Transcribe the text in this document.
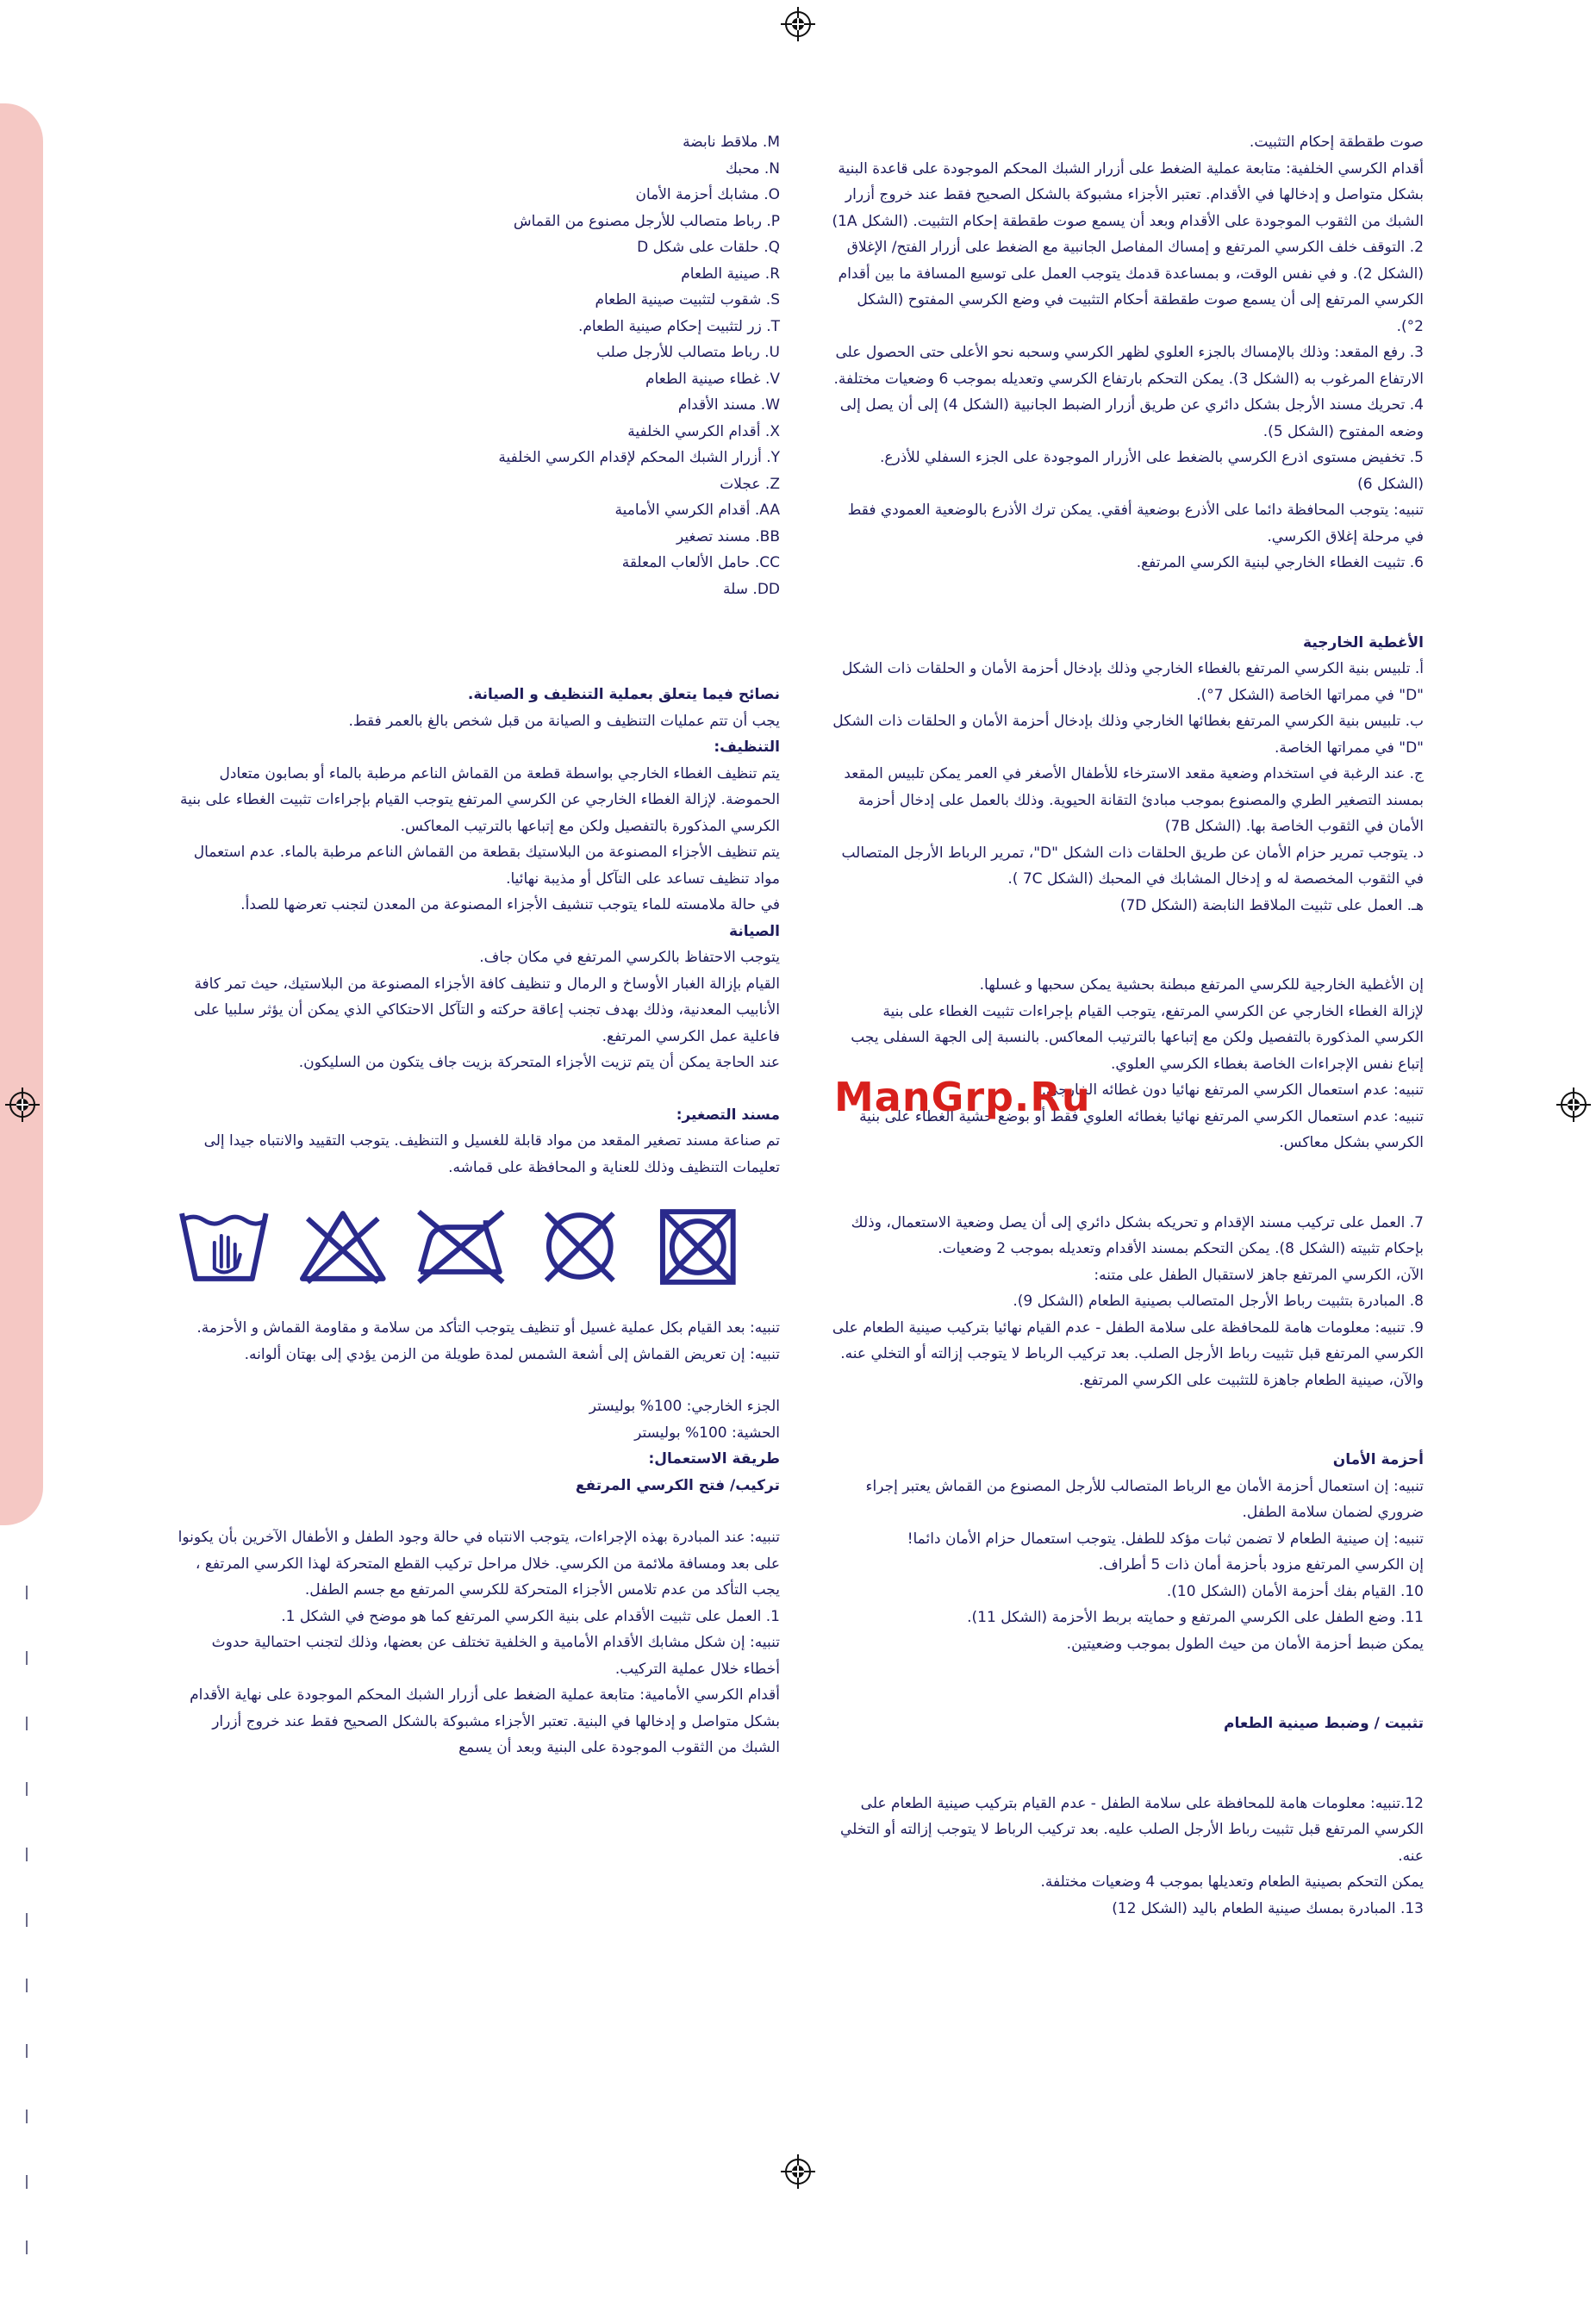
صوت طقطقة إحكام التثبيت.

أقدام الكرسي الخلفية: متابعة عملية الضغط على أزرار الشبك المحكم الموجودة على قاعدة البنية بشكل متواصل و إدخالها في الأقدام. تعتبر الأجزاء مشبوكة بالشكل الصحيح فقط عند خروج أزرار الشبك من الثقوب الموجودة على الأقدام وبعد أن يسمع صوت طقطقة إحكام التثبيت. (الشكل 1A)

2. التوقف خلف الكرسي المرتفع و إمساك المفاصل الجانبية مع الضغط على أزرار الفتح/ الإغلاق (الشكل 2). و في نفس الوقت، و بمساعدة قدمك يتوجب العمل على توسيع المسافة ما بين أقدام الكرسي المرتفع إلى أن يسمع صوت طقطقة أحكام التثبيت في وضع الكرسي المفتوح (الشكل 2°).

3. رفع المقعد: وذلك بالإمساك بالجزء العلوي لظهر الكرسي وسحبه نحو الأعلى حتى الحصول على الارتفاع المرغوب به (الشكل 3). يمكن التحكم بارتفاع الكرسي وتعديله بموجب 6 وضعيات مختلفة.

4. تحريك مسند الأرجل بشكل دائري عن طريق أزرار الضبط الجانبية (الشكل 4) إلى أن يصل إلى وضعه المفتوح (الشكل 5).

5. تخفيض مستوى اذرع الكرسي بالضغط على الأزرار الموجودة على الجزء السفلي للأذرع. (الشكل 6)

تنبيه: يتوجب المحافظة دائما على الأذرع بوضعية أفقي. يمكن ترك الأذرع بالوضعية العمودي فقط في مرحلة إغلاق الكرسي.

6. تثبيت الغطاء الخارجي لبنية الكرسي المرتفع.

الأغطية الخارجية

أ. تلبيس بنية الكرسي المرتفع بالغطاء الخارجي وذلك بإدخال أحزمة الأمان و الحلقات ذات الشكل "D" في ممراتها الخاصة (الشكل 7°).

ب. تلبيس بنية الكرسي المرتفع بغطائها الخارجي وذلك بإدخال أحزمة الأمان و الحلقات ذات الشكل "D" في ممراتها الخاصة.

ج. عند الرغبة في استخدام وضعية مقعد الاسترخاء للأطفال الأصغر في العمر يمكن تلبيس المقعد بمسند التصغير الطري والمصنوع بموجب مبادئ التقانة الحيوية. وذلك بالعمل على إدخال أحزمة الأمان في الثقوب الخاصة بها. (الشكل 7B)

د. يتوجب تمرير حزام الأمان عن طريق الحلقات ذات الشكل "D"، تمرير الرباط الأرجل المتصالب في الثقوب المخصصة له و إدخال المشابك في المحبك (الشكل 7C ).

هـ. العمل على تثبيت الملاقط النابضة (الشكل 7D)

إن الأغطية الخارجية للكرسي المرتفع مبطنة بحشية يمكن سحبها و غسلها.

لإزالة الغطاء الخارجي عن الكرسي المرتفع، يتوجب القيام بإجراءات تثبيت الغطاء على بنية الكرسي المذكورة بالتفصيل ولكن مع إتباعها بالترتيب المعاكس. بالنسبة إلى الجهة السفلى يجب إتباع نفس الإجراءات الخاصة بغطاء الكرسي العلوي.

تنبيه: عدم استعمال الكرسي المرتفع نهائيا دون غطائه الخارجي.

تنبيه: عدم استعمال الكرسي المرتفع نهائيا بغطائه العلوي فقط أو بوضع حشية الغطاء على بنية الكرسي بشكل معاكس.

7. العمل على تركيب مسند الإقدام و تحريكه بشكل دائري إلى أن يصل وضعية الاستعمال، وذلك بإحكام تثبيته (الشكل 8). يمكن التحكم بمسند الأقدام وتعديله بموجب 2 وضعيات.

الآن، الكرسي المرتفع جاهز لاستقبال الطفل على متنه:

8. المبادرة بتثبيت رباط الأرجل المتصالب بصينية الطعام (الشكل 9).

9. تنبيه: معلومات هامة للمحافظة على سلامة الطفل - عدم القيام نهائيا بتركيب صينية الطعام على الكرسي المرتفع قبل تثبيت رباط الأرجل الصلب. بعد تركيب الرباط لا يتوجب إزالته أو التخلي عنه.

والآن، صينية الطعام جاهزة للتثبيت على الكرسي المرتفع.

أحزمة الأمان

تنبيه: إن استعمال أحزمة الأمان مع الرباط المتصالب للأرجل المصنوع من القماش يعتبر إجراء ضروري لضمان سلامة الطفل.

تنبيه: إن صينية الطعام لا تضمن ثبات مؤكد للطفل. يتوجب استعمال حزام الأمان دائما!

إن الكرسي المرتفع مزود بأحزمة أمان ذات 5 أطراف.

10. القيام بفك أحزمة الأمان (الشكل 10).

11. وضع الطفل على الكرسي المرتفع و حمايته بربط الأحزمة (الشكل 11).

يمكن ضبط أحزمة الأمان من حيث الطول بموجب وضعيتين.

تثبيت / وضبط صينية الطعام

12.تنبيه: معلومات هامة للمحافظة على سلامة الطفل - عدم القيام بتركيب صينية الطعام على الكرسي المرتفع قبل تثبيت رباط الأرجل الصلب عليه. بعد تركيب الرباط لا يتوجب إزالته أو التخلي عنه.

يمكن التحكم بصينية الطعام وتعديلها بموجب 4 وضعيات مختلفة.

13. المبادرة بمسك صينية الطعام باليد (الشكل 12)

M. ملاقط نابضة
N. محبك
O. مشابك أحزمة الأمان
P. رباط متصالب للأرجل مصنوع من القماش
Q. حلقات على شكل D
R. صينية الطعام
S. شقوب لتثبيت صينية الطعام
T. زر لتثبيت إحكام صينية الطعام.
U. رباط متصالب للأرجل صلب
V. غطاء صينية الطعام
W. مسند الأقدام
X. أقدام الكرسي الخلفية
Y. أزرار الشبك المحكم لإقدام الكرسي الخلفية
Z. عجلات
AA. أقدام الكرسي الأمامية
BB. مسند تصغير
CC. حامل الألعاب المعلقة
DD. سلة

نصائح فيما يتعلق بعملية التنظيف و الصيانة.

يجب أن تتم عمليات التنظيف و الصيانة من قبل شخص بالغ بالعمر فقط.

التنظيف:

يتم تنظيف الغطاء الخارجي بواسطة قطعة من القماش الناعم مرطبة بالماء أو بصابون متعادل الحموضة. لإزالة الغطاء الخارجي عن الكرسي المرتفع يتوجب القيام بإجراءات تثبيت الغطاء على بنية الكرسي المذكورة بالتفصيل ولكن مع إتباعها بالترتيب المعاكس.

يتم تنظيف الأجزاء المصنوعة من البلاستيك بقطعة من القماش الناعم مرطبة بالماء. عدم استعمال مواد تنظيف تساعد على التآكل أو مذيبة نهائيا.

في حالة ملامسته للماء يتوجب تنشيف الأجزاء المصنوعة من المعدن لتجنب تعرضها للصدأ.

الصيانة

يتوجب الاحتفاظ بالكرسي المرتفع في مكان جاف.

القيام بإزالة الغبار الأوساخ و الرمال و تنظيف كافة الأجزاء المصنوعة من البلاستيك، حيث تمر كافة الأنابيب المعدنية، وذلك بهدف تجنب إعاقة حركته و التآكل الاحتكاكي الذي يمكن أن يؤثر سلبيا على فاعلية عمل الكرسي المرتفع.

عند الحاجة يمكن أن يتم تزيت الأجزاء المتحركة بزيت جاف يتكون من السليكون.

مسند التصغير:

تم صناعة مسند تصغير المقعد من مواد قابلة للغسيل و التنظيف. يتوجب التقييد والانتباه جيدا إلى تعليمات التنظيف وذلك للعناية و المحافظة على قماشه.

تنبيه: بعد القيام بكل عملية غسيل أو تنظيف يتوجب التأكد من سلامة و مقاومة القماش و الأحزمة.

تنبيه: إن تعريض القماش إلى أشعة الشمس لمدة طويلة من الزمن يؤدي إلى بهتان ألوانه.

الجزء الخارجي: 100% بوليستر

الحشية: 100% بوليستر

طريقة الاستعمال:

تركيب/ فتح الكرسي المرتفع

تنبيه: عند المبادرة بهذه الإجراءات، يتوجب الانتباه في حالة وجود الطفل و الأطفال الآخرين بأن يكونوا على بعد ومسافة ملائمة من الكرسي. خلال مراحل تركيب القطع المتحركة لهذا الكرسي المرتفع ، يجب التأكد من عدم تلامس الأجزاء المتحركة للكرسي المرتفع مع جسم الطفل.

1. العمل على تثبيت الأقدام على بنية الكرسي المرتفع كما هو موضح في الشكل 1.

تنبيه: إن شكل مشابك الأقدام الأمامية و الخلفية تختلف عن بعضها، وذلك لتجنب احتمالية حدوث أخطاء خلال عملية التركيب.

أقدام الكرسي الأمامية: متابعة عملية الضغط على أزرار الشبك المحكم الموجودة على نهاية الأقدام بشكل متواصل و إدخالها في البنية. تعتبر الأجزاء مشبوكة بالشكل الصحيح فقط عند خروج أزرار الشبك من الثقوب الموجودة على البنية وبعد أن يسمع

ManGrp.Ru
